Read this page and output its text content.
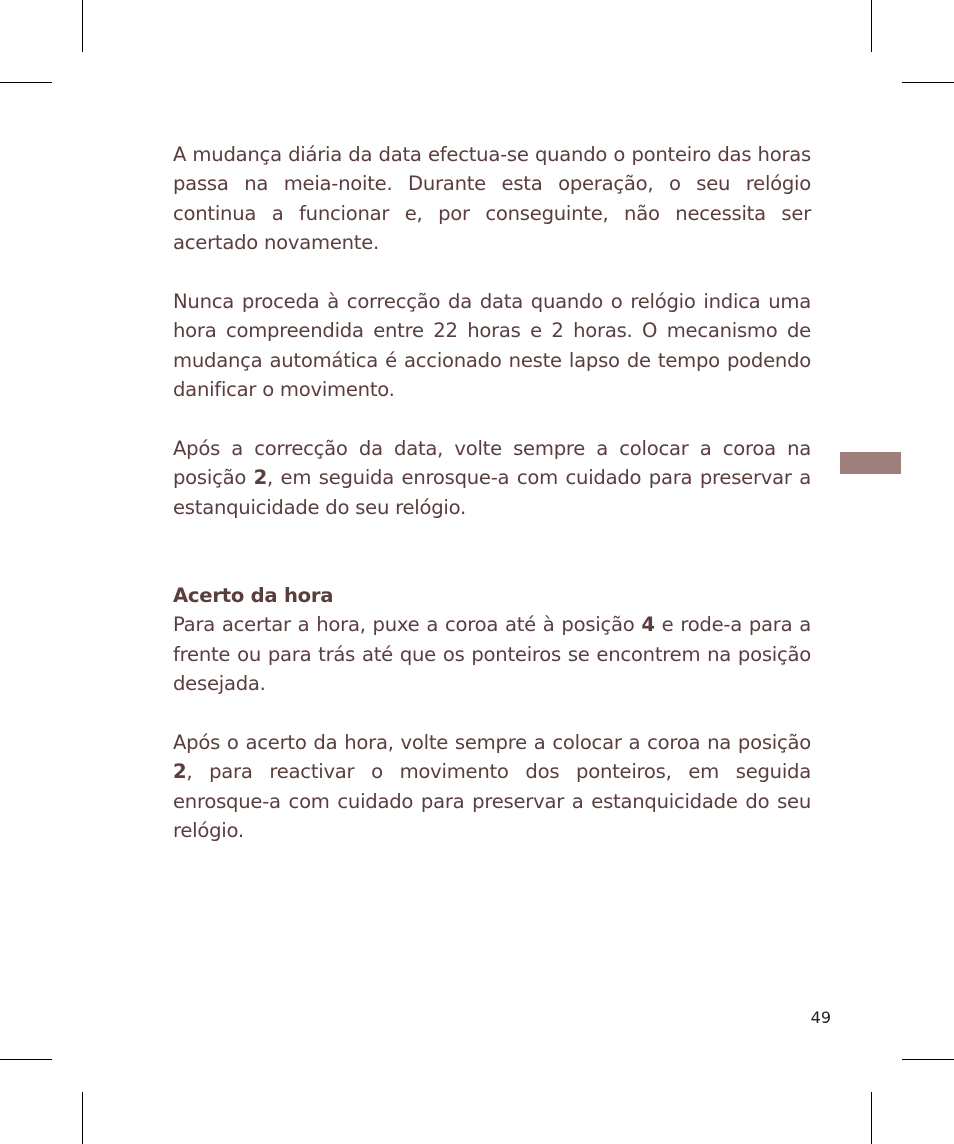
A mudança diária da data efectua-se quando o ponteiro das horas passa na meia-noite. Durante esta operação, o seu relógio continua a funcionar e, por conseguinte, não necessita ser acertado novamente.

Nunca proceda à correcção da data quando o relógio indica uma hora compreendida entre 22 horas e 2 horas. O mecanismo de mudança automática é accionado neste lapso de tempo podendo danificar o movimento.

Após a correcção da data, volte sempre a colocar a coroa na posição 2, em seguida enrosque-a com cuidado para preservar a estanquicidade do seu relógio.

Acerto da hora

Para acertar a hora, puxe a coroa até à posição 4 e rode-a para a frente ou para trás até que os ponteiros se encontrem na posição desejada.

Após o acerto da hora, volte sempre a colocar a coroa na posição 2, para reactivar o movimento dos ponteiros, em seguida enrosque-a com cuidado para preservar a estanquicidade do seu relógio.

49
